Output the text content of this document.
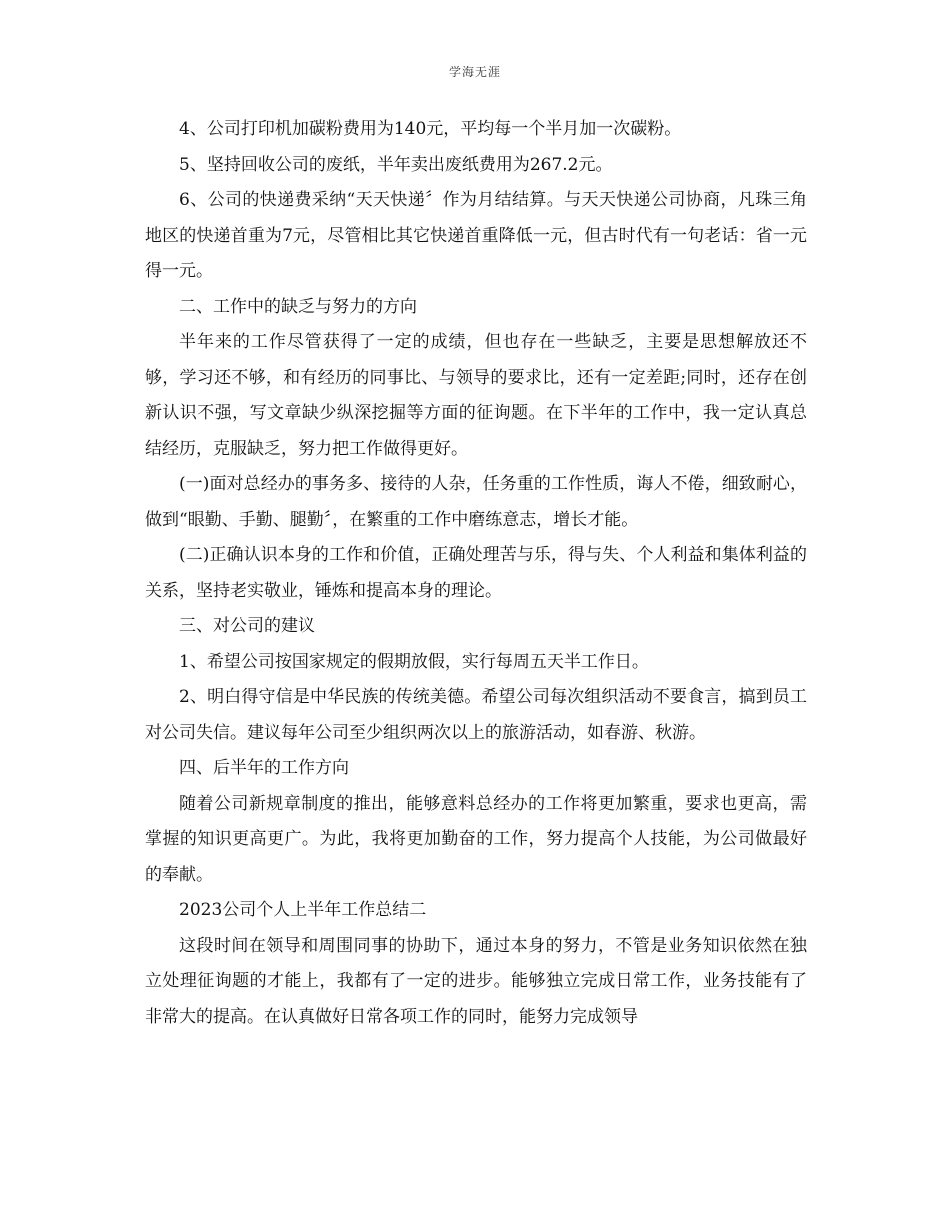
学海无涯

4、公司打印机加碳粉费用为140元，平均每一个半月加一次碳粉。

5、坚持回收公司的废纸，半年卖出废纸费用为267.2元。

6、公司的快递费采纳“天天快递〞作为月结结算。与天天快递公司协商，凡珠三角地区的快递首重为7元，尽管相比其它快递首重降低一元，但古时代有一句老话：省一元得一元。

二、工作中的缺乏与努力的方向

半年来的工作尽管获得了一定的成绩，但也存在一些缺乏，主要是思想解放还不够，学习还不够，和有经历的同事比、与领导的要求比，还有一定差距;同时，还存在创新认识不强，写文章缺少纵深挖掘等方面的征询题。在下半年的工作中，我一定认真总结经历，克服缺乏，努力把工作做得更好。

(一)面对总经办的事务多、接待的人杂，任务重的工作性质，诲人不倦，细致耐心，做到“眼勤、手勤、腿勤〞，在繁重的工作中磨练意志，增长才能。

(二)正确认识本身的工作和价值，正确处理苦与乐，得与失、个人利益和集体利益的关系，坚持老实敬业，锤炼和提高本身的理论。

三、对公司的建议

1、希望公司按国家规定的假期放假，实行每周五天半工作日。

2、明白得守信是中华民族的传统美德。希望公司每次组织活动不要食言，搞到员工对公司失信。建议每年公司至少组织两次以上的旅游活动，如春游、秋游。

四、后半年的工作方向

随着公司新规章制度的推出，能够意料总经办的工作将更加繁重，要求也更高，需掌握的知识更高更广。为此，我将更加勤奋的工作，努力提高个人技能，为公司做最好的奉献。

2023公司个人上半年工作总结二

这段时间在领导和周围同事的协助下，通过本身的努力，不管是业务知识依然在独立处理征询题的才能上，我都有了一定的进步。能够独立完成日常工作，业务技能有了非常大的提高。在认真做好日常各项工作的同时，能努力完成领导
